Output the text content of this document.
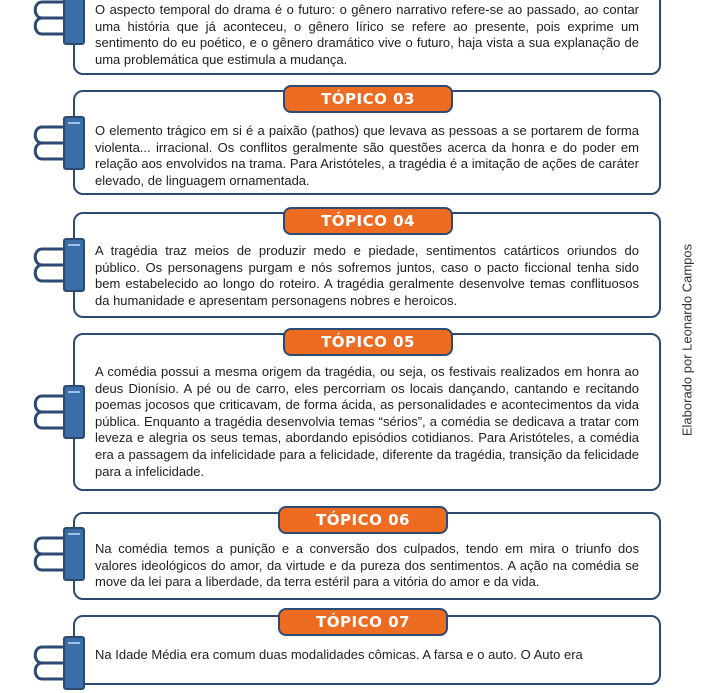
O aspecto temporal do drama é o futuro: o gênero narrativo refere-se ao passado, ao contar uma história que já aconteceu, o gênero lírico se refere ao presente, pois exprime um sentimento do eu poético, e o gênero dramático vive o futuro, haja vista a sua explanação de uma problemática que estimula a mudança.

O elemento trágico em si é a paixão (pathos) que levava as pessoas a se portarem de forma violenta... irracional. Os conflitos geralmente são questões acerca da honra e do poder em relação aos envolvidos na trama. Para Aristóteles, a tragédia é a imitação de ações de caráter elevado, de linguagem ornamentada.

TÓPICO 03

A tragédia traz meios de produzir medo e piedade, sentimentos catárticos oriundos do público. Os personagens purgam e nós sofremos juntos, caso o pacto ficcional tenha sido bem estabelecido ao longo do roteiro. A tragédia geralmente desenvolve temas conflituosos da humanidade e apresentam personagens nobres e heroicos.

TÓPICO 04

A comédia possui a mesma origem da tragédia, ou seja, os festivais realizados em honra ao deus Dionísio. A pé ou de carro, eles percorriam os locais dançando, cantando e recitando poemas jocosos que criticavam, de forma ácida, as personalidades e acontecimentos da vida pública. Enquanto a tragédia desenvolvia temas “sérios”, a comédia se dedicava a tratar com leveza e alegria os seus temas, abordando episódios cotidianos. Para Aristóteles, a comédia era a passagem da infelicidade para a felicidade, diferente da tragédia, transição da felicidade para a infelicidade.

TÓPICO 05

Na comédia temos a punição e a conversão dos culpados, tendo em mira o triunfo dos valores ideológicos do amor, da virtude e da pureza dos sentimentos. A ação na comédia se move da lei para a liberdade, da terra estéril para a vitória do amor e da vida.

TÓPICO 06

Na Idade Média era comum duas modalidades cômicas. A farsa e o auto. O Auto era

TÓPICO 07
Elaborado por Leonardo Campos
